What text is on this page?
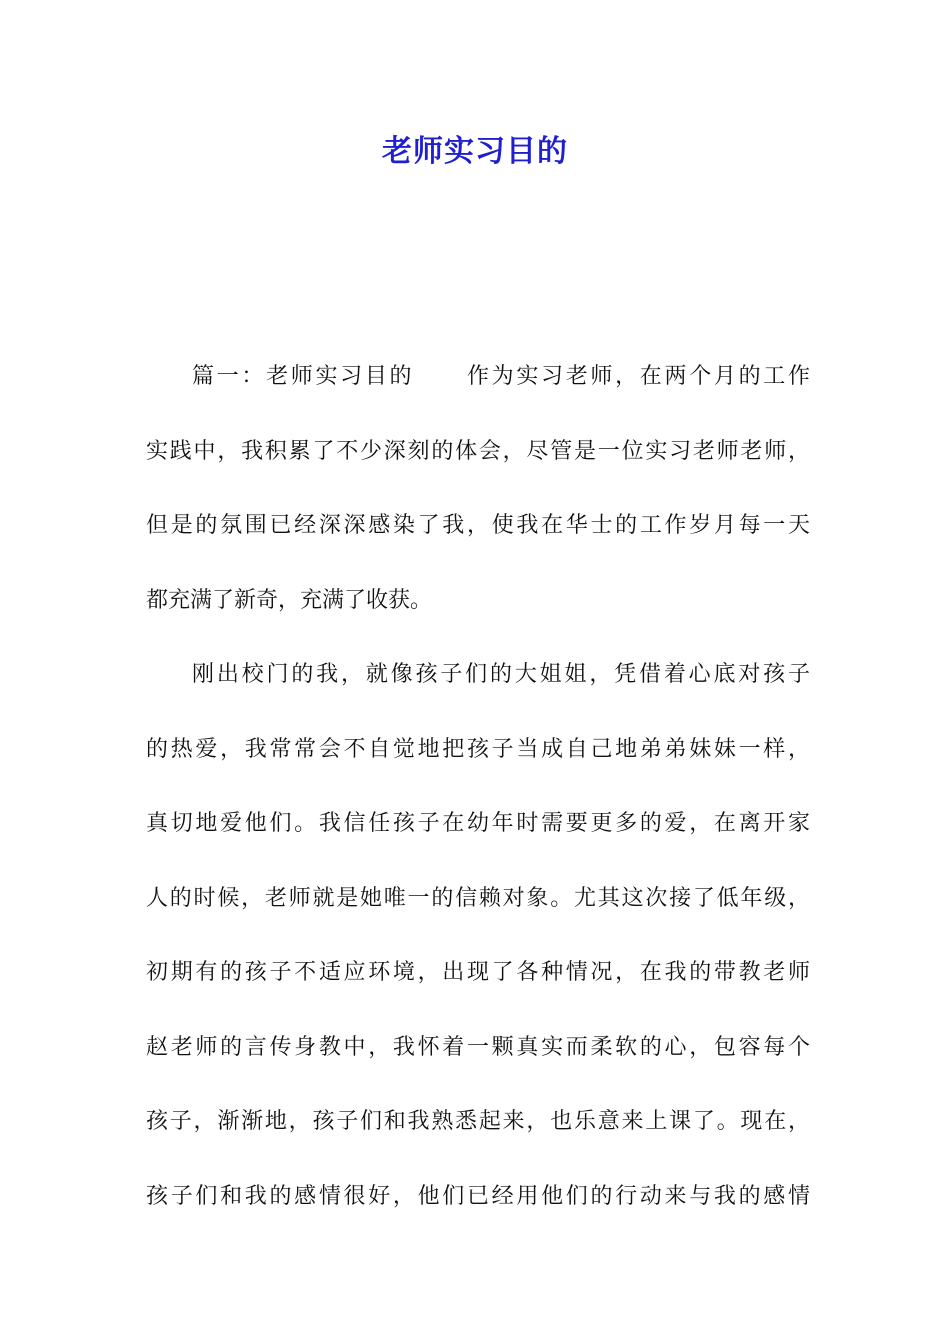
老师实习目的
篇一：老师实习目的 作为实习老师，在两个月的工作
实践中，我积累了不少深刻的体会，尽管是一位实习老师老师，
但是的氛围已经深深感染了我，使我在华士的工作岁月每一天
都充满了新奇，充满了收获。
刚出校门的我，就像孩子们的大姐姐，凭借着心底对孩子
的热爱，我常常会不自觉地把孩子当成自己地弟弟妹妹一样，
真切地爱他们。我信任孩子在幼年时需要更多的爱，在离开家
人的时候，老师就是她唯一的信赖对象。尤其这次接了低年级，
初期有的孩子不适应环境，出现了各种情况，在我的带教老师
赵老师的言传身教中，我怀着一颗真实而柔软的心，包容每个
孩子，渐渐地，孩子们和我熟悉起来，也乐意来上课了。现在，
孩子们和我的感情很好，他们已经用他们的行动来与我的感情
